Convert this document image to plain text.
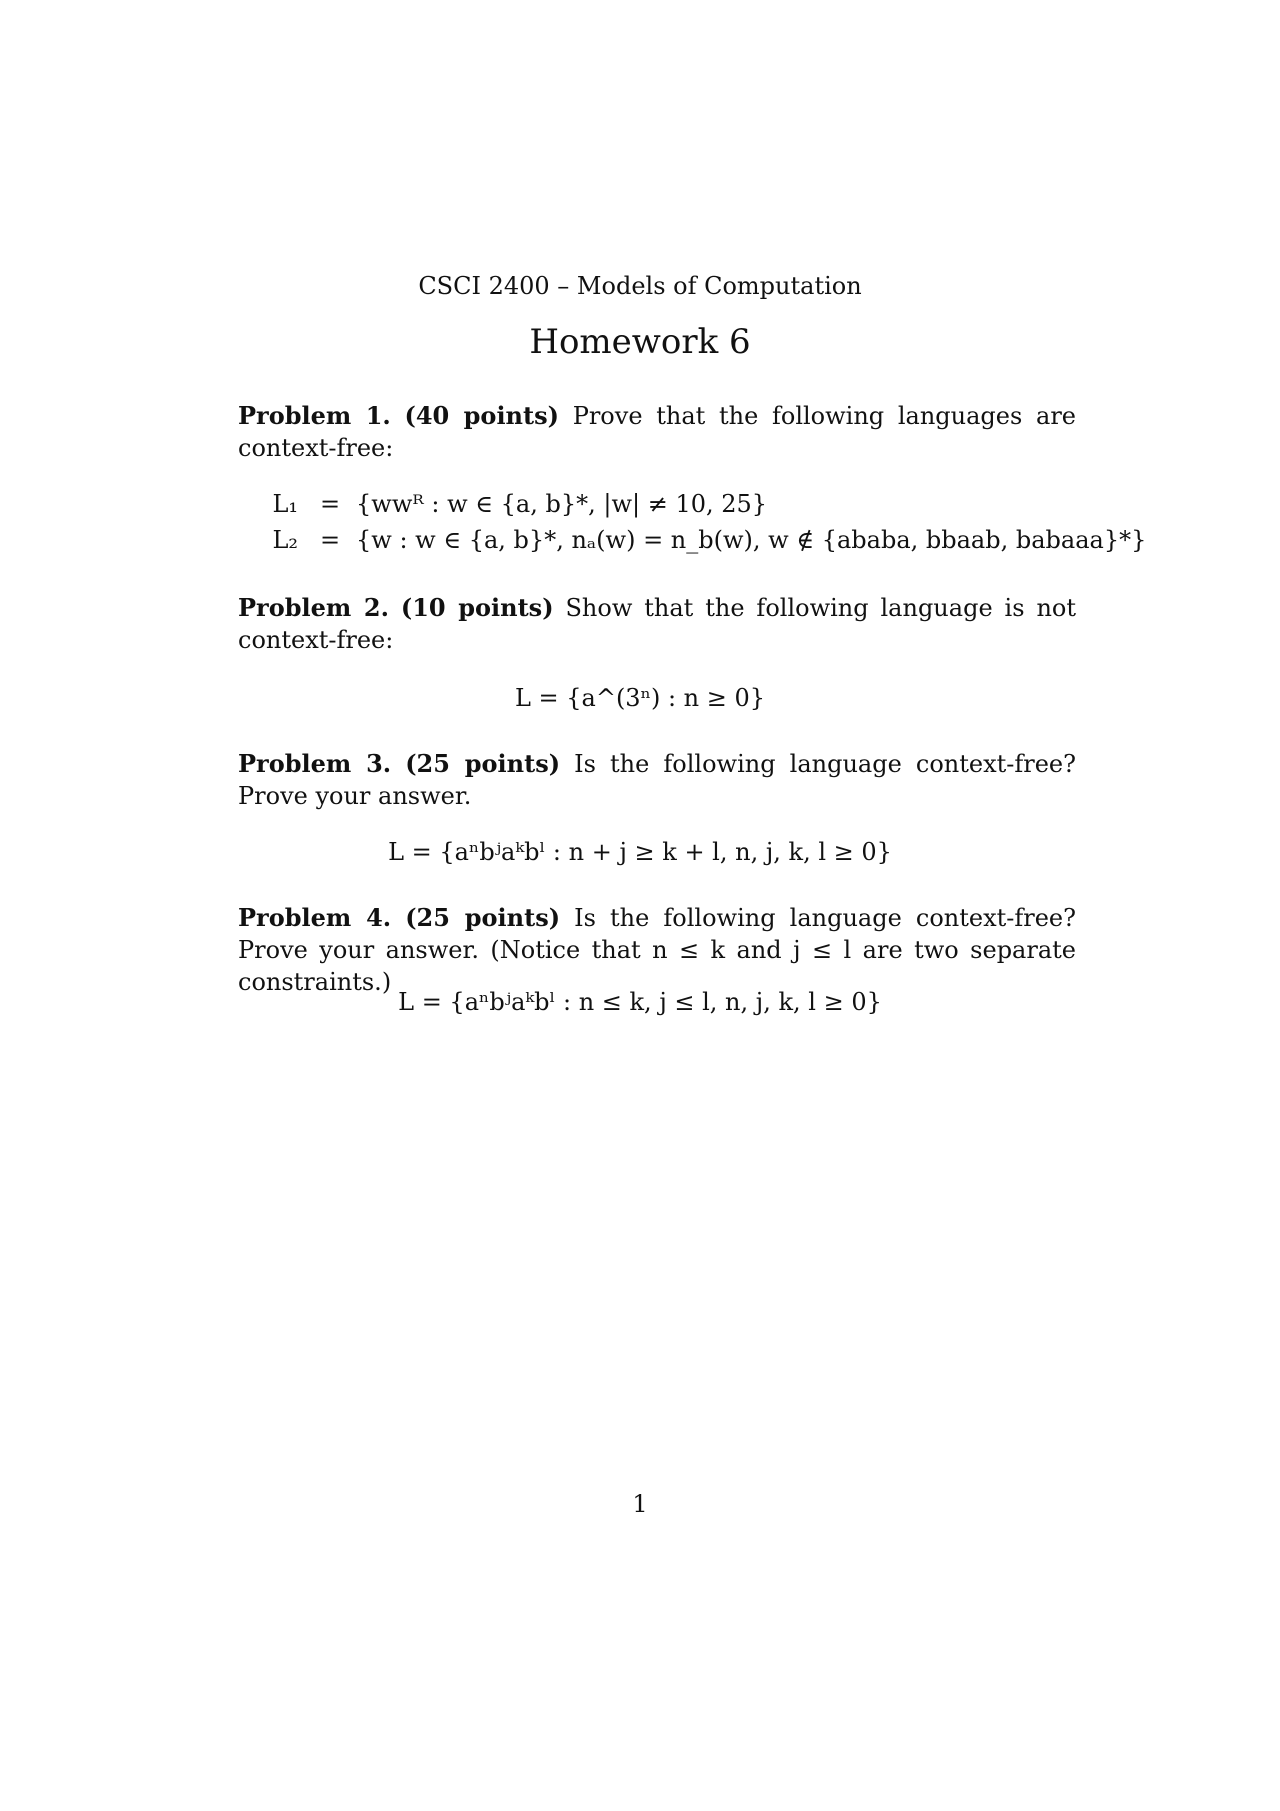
CSCI 2400 – Models of Computation
Homework 6
Problem 1. (40 points) Prove that the following languages are context-free:
L₁ = {wwᴿ : w ∈ {a, b}*, |w| ≠ 10, 25}
L₂ = {w : w ∈ {a, b}*, nₐ(w) = n_b(w), w ∉ {ababa, bbaab, babaaa}*}
Problem 2. (10 points) Show that the following language is not context-free:
L = {a^(3ⁿ) : n ≥ 0}
Problem 3. (25 points) Is the following language context-free? Prove your answer.
L = {aⁿbʲaᵏbˡ : n + j ≥ k + l, n, j, k, l ≥ 0}
Problem 4. (25 points) Is the following language context-free? Prove your answer. (Notice that n ≤ k and j ≤ l are two separate constraints.)
L = {aⁿbʲaᵏbˡ : n ≤ k, j ≤ l, n, j, k, l ≥ 0}
1
